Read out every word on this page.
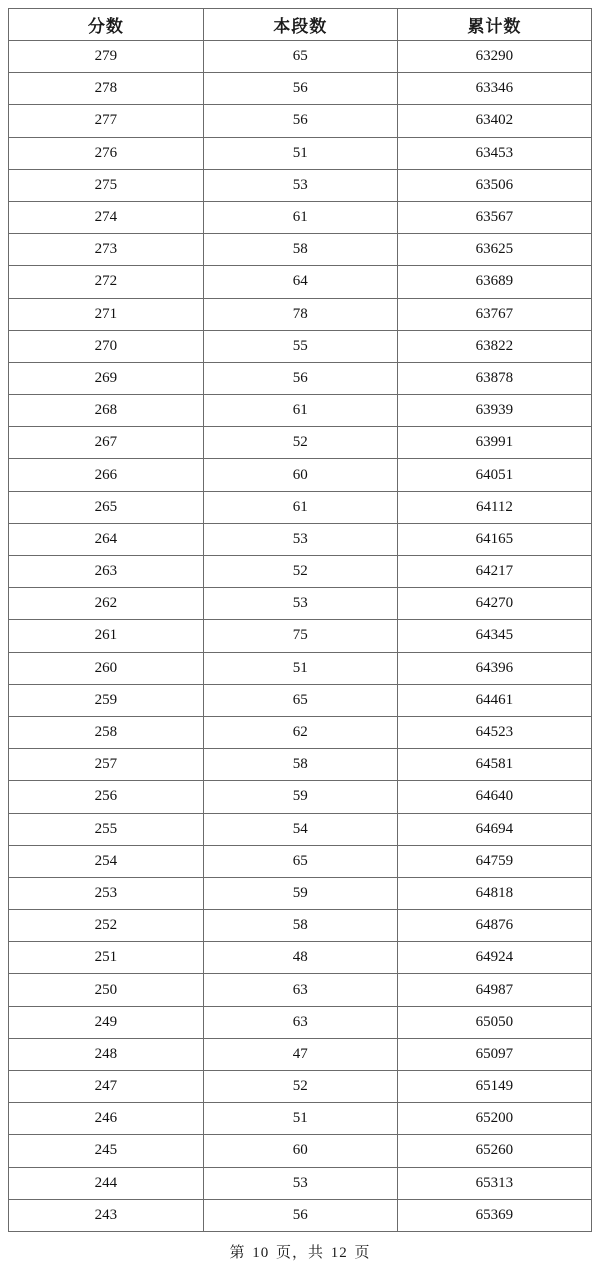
分数	本段数	累计数
279	65	63290
278	56	63346
277	56	63402
276	51	63453
275	53	63506
274	61	63567
273	58	63625
272	64	63689
271	78	63767
270	55	63822
269	56	63878
268	61	63939
267	52	63991
266	60	64051
265	61	64112
264	53	64165
263	52	64217
262	53	64270
261	75	64345
260	51	64396
259	65	64461
258	62	64523
257	58	64581
256	59	64640
255	54	64694
254	65	64759
253	59	64818
252	58	64876
251	48	64924
250	63	64987
249	63	65050
248	47	65097
247	52	65149
246	51	65200
245	60	65260
244	53	65313
243	56	65369
第 10 页，共 12 页
